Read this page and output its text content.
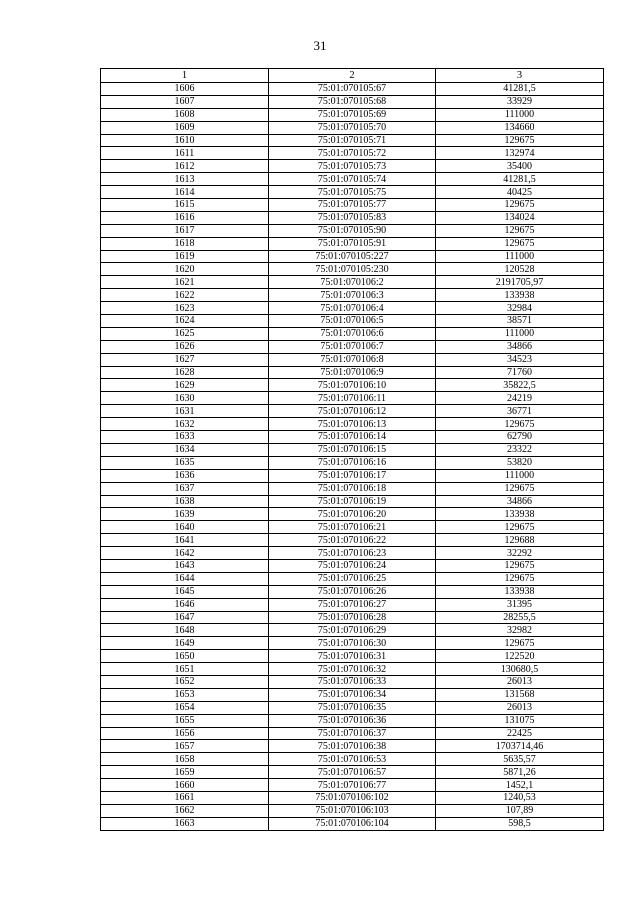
31
1	2	3
1606	75:01:070105:67	41281,5
1607	75:01:070105:68	33929
1608	75:01:070105:69	111000
1609	75:01:070105:70	134660
1610	75:01:070105:71	129675
1611	75:01:070105:72	132974
1612	75:01:070105:73	35400
1613	75:01:070105:74	41281,5
1614	75:01:070105:75	40425
1615	75:01:070105:77	129675
1616	75:01:070105:83	134024
1617	75:01:070105:90	129675
1618	75:01:070105:91	129675
1619	75:01:070105:227	111000
1620	75:01:070105:230	120528
1621	75:01:070106:2	2191705,97
1622	75:01:070106:3	133938
1623	75:01:070106:4	32984
1624	75:01:070106:5	38571
1625	75:01:070106:6	111000
1626	75:01:070106:7	34866
1627	75:01:070106:8	34523
1628	75:01:070106:9	71760
1629	75:01:070106:10	35822,5
1630	75:01:070106:11	24219
1631	75:01:070106:12	36771
1632	75:01:070106:13	129675
1633	75:01:070106:14	62790
1634	75:01:070106:15	23322
1635	75:01:070106:16	53820
1636	75:01:070106:17	111000
1637	75:01:070106:18	129675
1638	75:01:070106:19	34866
1639	75:01:070106:20	133938
1640	75:01:070106:21	129675
1641	75:01:070106:22	129688
1642	75:01:070106:23	32292
1643	75:01:070106:24	129675
1644	75:01:070106:25	129675
1645	75:01:070106:26	133938
1646	75:01:070106:27	31395
1647	75:01:070106:28	28255,5
1648	75:01:070106:29	32982
1649	75:01:070106:30	129675
1650	75:01:070106:31	122520
1651	75:01:070106:32	130680,5
1652	75:01:070106:33	26013
1653	75:01:070106:34	131568
1654	75:01:070106:35	26013
1655	75:01:070106:36	131075
1656	75:01:070106:37	22425
1657	75:01:070106:38	1703714,46
1658	75:01:070106:53	5635,57
1659	75:01:070106:57	5871,26
1660	75:01:070106:77	1452,1
1661	75:01:070106:102	1240,53
1662	75:01:070106:103	107,89
1663	75:01:070106:104	598,5
